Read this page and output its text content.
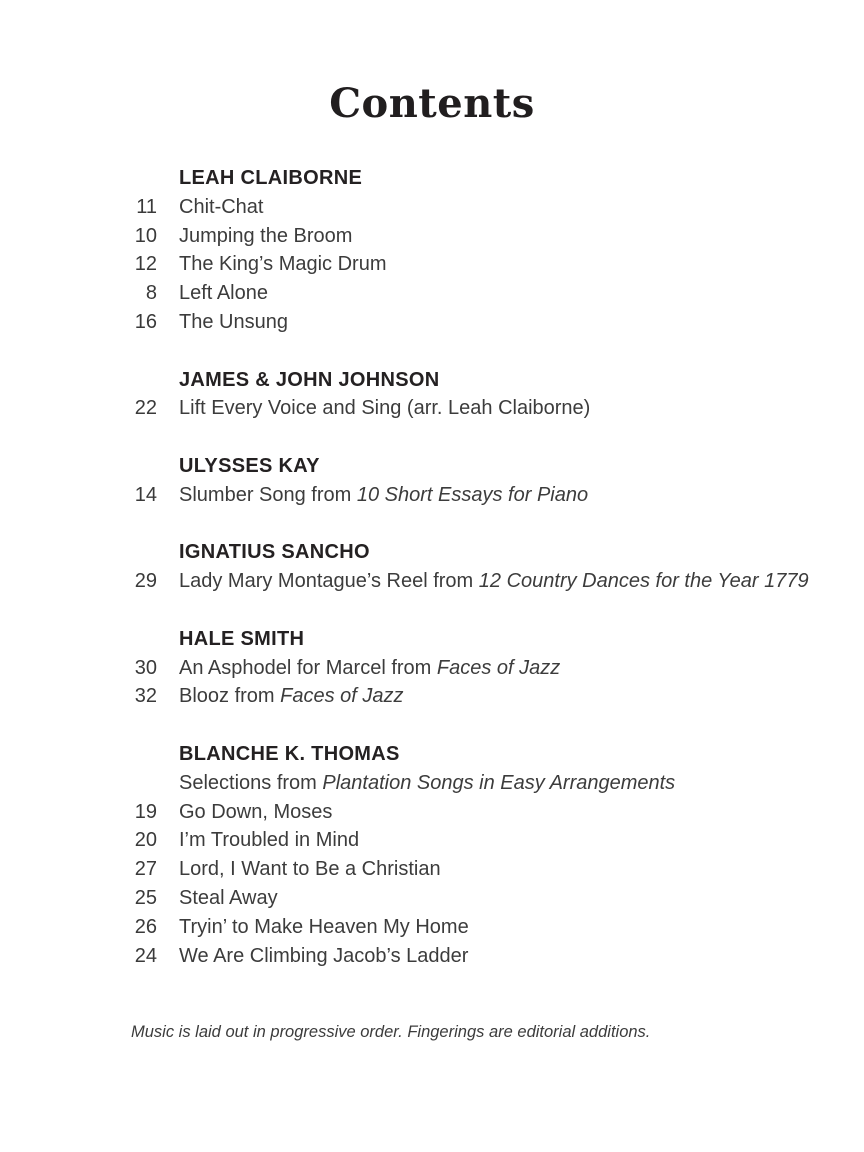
Contents
LEAH CLAIBORNE
11 Chit-Chat
10 Jumping the Broom
12 The King’s Magic Drum
8 Left Alone
16 The Unsung
JAMES & JOHN JOHNSON
22 Lift Every Voice and Sing (arr. Leah Claiborne)
ULYSSES KAY
14 Slumber Song from 10 Short Essays for Piano
IGNATIUS SANCHO
29 Lady Mary Montague’s Reel from 12 Country Dances for the Year 1779
HALE SMITH
30 An Asphodel for Marcel from Faces of Jazz
32 Blooz from Faces of Jazz
BLANCHE K. THOMAS
Selections from Plantation Songs in Easy Arrangements
19 Go Down, Moses
20 I’m Troubled in Mind
27 Lord, I Want to Be a Christian
25 Steal Away
26 Tryin’ to Make Heaven My Home
24 We Are Climbing Jacob’s Ladder

Music is laid out in progressive order. Fingerings are editorial additions.
